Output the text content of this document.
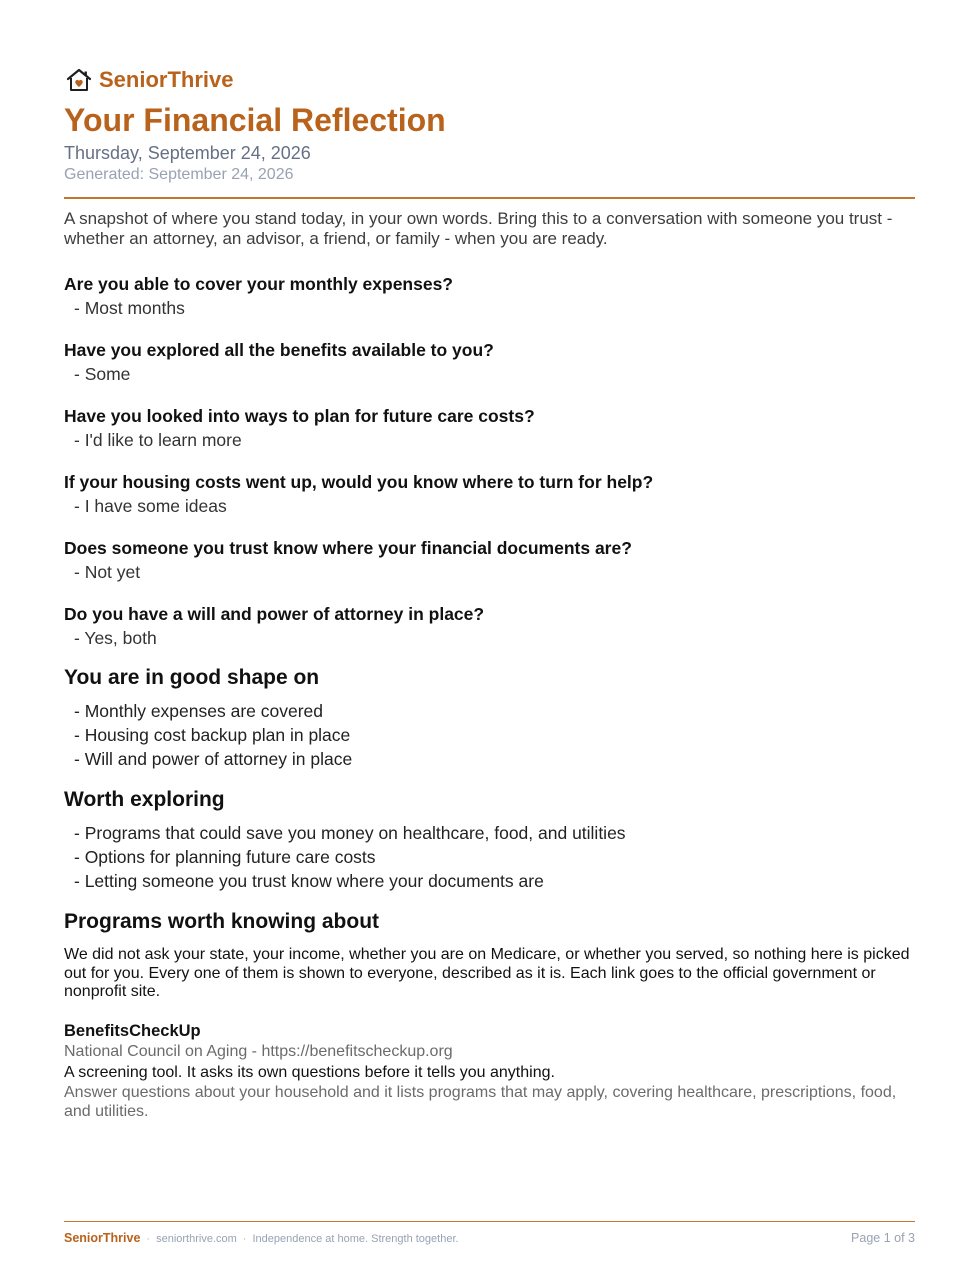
SeniorThrive
Your Financial Reflection
Thursday, September 24, 2026
Generated: September 24, 2026
A snapshot of where you stand today, in your own words. Bring this to a conversation with someone you trust - whether an attorney, an advisor, a friend, or family - when you are ready.
Are you able to cover your monthly expenses?
- Most months
Have you explored all the benefits available to you?
- Some
Have you looked into ways to plan for future care costs?
- I'd like to learn more
If your housing costs went up, would you know where to turn for help?
- I have some ideas
Does someone you trust know where your financial documents are?
- Not yet
Do you have a will and power of attorney in place?
- Yes, both
You are in good shape on
- Monthly expenses are covered
- Housing cost backup plan in place
- Will and power of attorney in place
Worth exploring
- Programs that could save you money on healthcare, food, and utilities
- Options for planning future care costs
- Letting someone you trust know where your documents are
Programs worth knowing about
We did not ask your state, your income, whether you are on Medicare, or whether you served, so nothing here is picked out for you. Every one of them is shown to everyone, described as it is. Each link goes to the official government or nonprofit site.
BenefitsCheckUp
National Council on Aging - https://benefitscheckup.org
A screening tool. It asks its own questions before it tells you anything.
Answer questions about your household and it lists programs that may apply, covering healthcare, prescriptions, food, and utilities.
SeniorThrive · seniorthrive.com · Independence at home. Strength together.	Page 1 of 3
